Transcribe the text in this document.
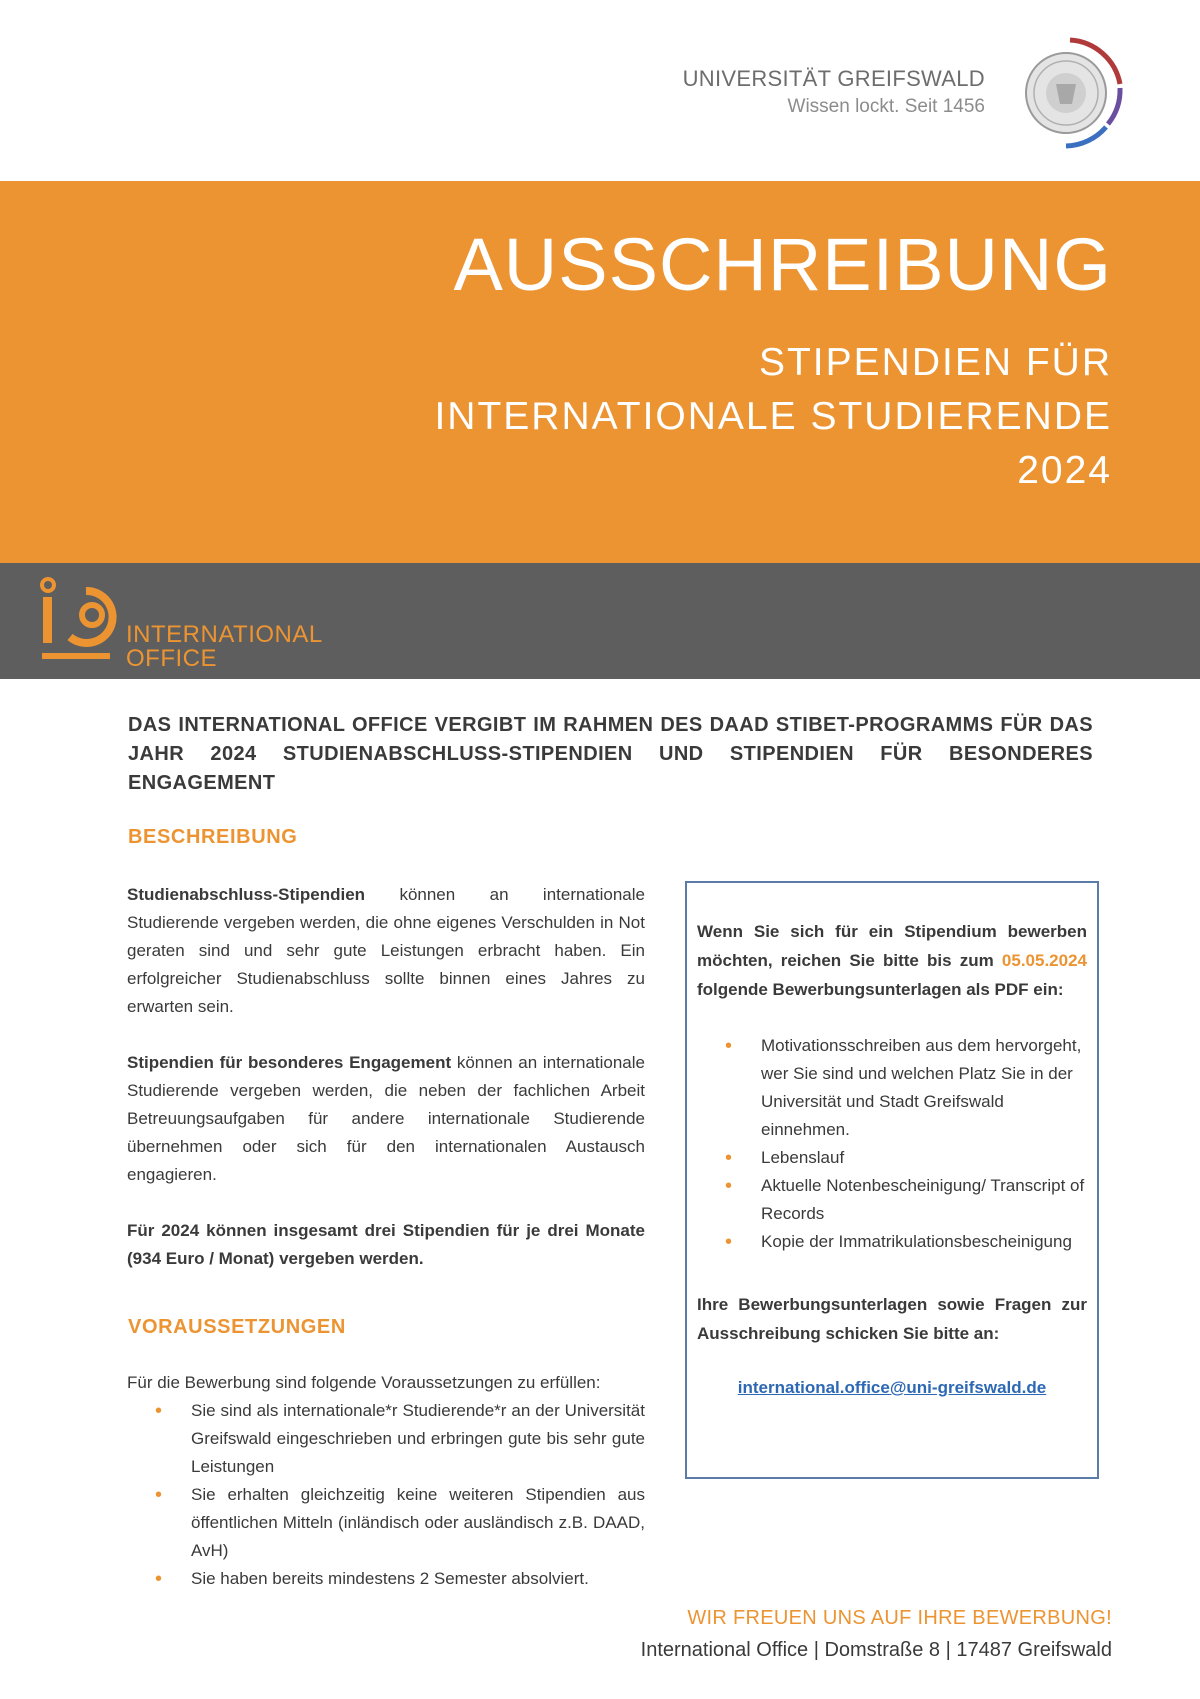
UNIVERSITÄT GREIFSWALD
Wissen lockt. Seit 1456
AUSSCHREIBUNG
STIPENDIEN FÜR
INTERNATIONALE STUDIERENDE
2024
INTERNATIONAL
OFFICE
DAS INTERNATIONAL OFFICE VERGIBT IM RAHMEN DES DAAD STIBET-PROGRAMMS FÜR DAS JAHR 2024 STUDIENABSCHLUSS-STIPENDIEN UND STIPENDIEN FÜR BESONDERES ENGAGEMENT
BESCHREIBUNG
Studienabschluss-Stipendien können an internationale Studierende vergeben werden, die ohne eigenes Verschulden in Not geraten sind und sehr gute Leistungen erbracht haben. Ein erfolgreicher Studienabschluss sollte binnen eines Jahres zu erwarten sein.
Stipendien für besonderes Engagement können an internationale Studierende vergeben werden, die neben der fachlichen Arbeit Betreuungsaufgaben für andere internationale Studierende übernehmen oder sich für den internationalen Austausch engagieren.
Für 2024 können insgesamt drei Stipendien für je drei Monate (934 Euro / Monat) vergeben werden.
VORAUSSETZUNGEN
Für die Bewerbung sind folgende Voraussetzungen zu erfüllen:
• Sie sind als internationale*r Studierende*r an der Universität Greifswald eingeschrieben und erbringen gute bis sehr gute Leistungen
• Sie erhalten gleichzeitig keine weiteren Stipendien aus öffentlichen Mitteln (inländisch oder ausländisch z.B. DAAD, AvH)
• Sie haben bereits mindestens 2 Semester absolviert.

Wenn Sie sich für ein Stipendium bewerben möchten, reichen Sie bitte bis zum 05.05.2024 folgende Bewerbungsunterlagen als PDF ein:

• Motivationsschreiben aus dem hervorgeht, wer Sie sind und welchen Platz Sie in der Universität und Stadt Greifswald einnehmen.
• Lebenslauf
• Aktuelle Notenbescheinigung/ Transcript of Records
• Kopie der Immatrikulationsbescheinigung

Ihre Bewerbungsunterlagen sowie Fragen zur Ausschreibung schicken Sie bitte an:

international.office@uni-greifswald.de
WIR FREUEN UNS AUF IHRE BEWERBUNG!
International Office | Domstraße 8 | 17487 Greifswald
